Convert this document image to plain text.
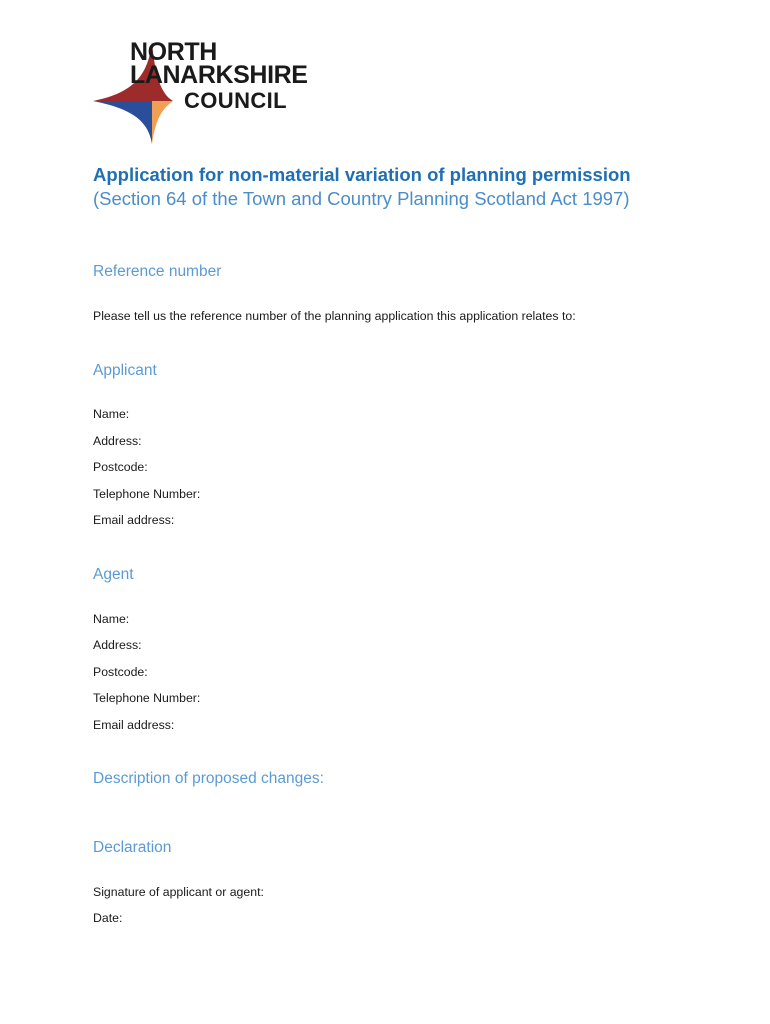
NORTH
LANARKSHIRE
COUNCIL
Application for non-material variation of planning permission (Section 64 of the Town and Country Planning Scotland Act 1997)
Reference number

Please tell us the reference number of the planning application this application relates to:

Applicant

Name:

Address:

Postcode:

Telephone Number:

Email address:

Agent

Name:

Address:

Postcode:

Telephone Number:

Email address:

Description of proposed changes:
Declaration

Signature of applicant or agent:

Date:
